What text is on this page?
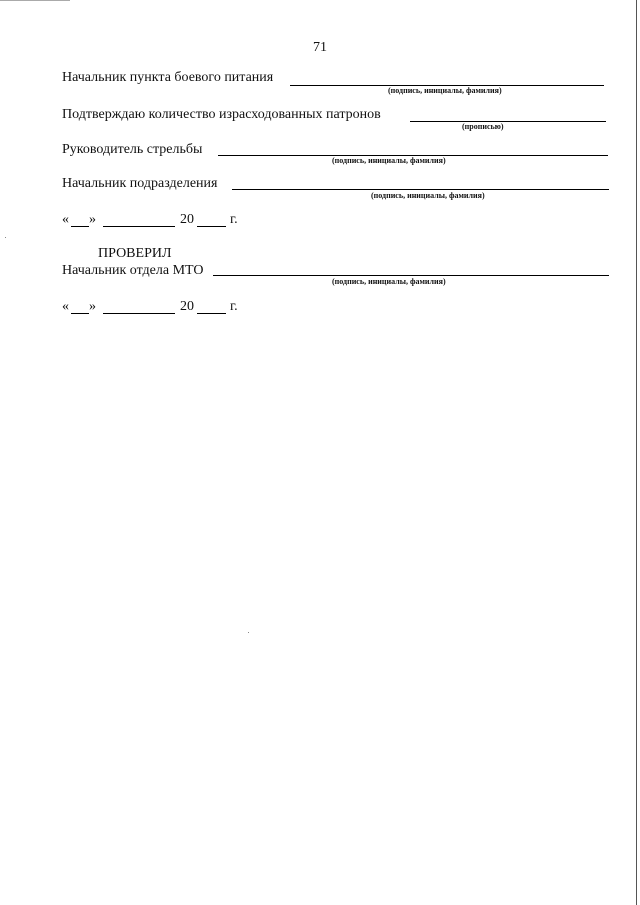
71
Начальник пункта боевого питания
(подпись, инициалы, фамилия)
Подтверждаю количество израсходованных патронов
(прописью)
Руководитель стрельбы
(подпись, инициалы, фамилия)
Начальник подразделения
(подпись, инициалы, фамилия)
« »	20	г.
ПРОВЕРИЛ
Начальник отдела МТО
(подпись, инициалы, фамилия)
« »	20	г.
